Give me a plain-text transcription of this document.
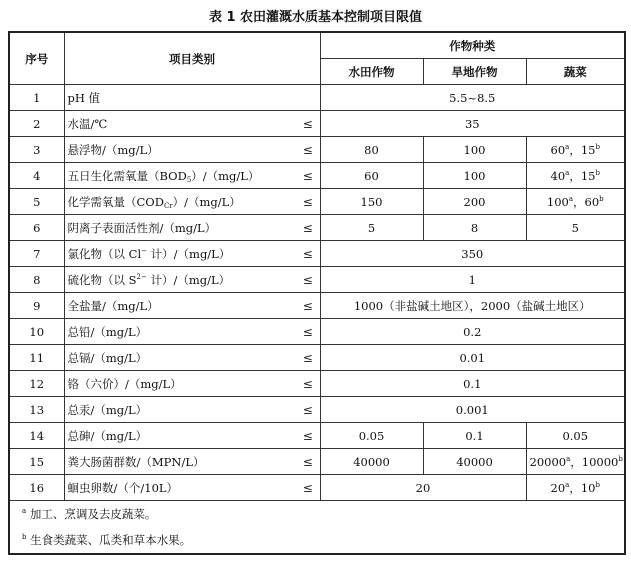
表 1 农田灌溉水质基本控制项目限值
序号	项目类别		作物种类		
			水田作物	旱地作物	蔬菜
1	pH 值		5.5~8.5		
2	水温/℃	≤	35		
3	悬浮物/（mg/L）	≤	80	100	60$^a$，15$^b$
4	五日生化需氧量$(BOD_5)/(mg/L)$	≤	60	100	40$^a$，15$^b$
5	化学需氧量$(COD_{Cr})/(mg/L)$	≤	150	200	100$^a$，60$^b$
6	阴离子表面活性剂/（mg/L）	≤	5	8	5
7	氯化物（以 Cl− 计）/（mg/L）	≤	350		
8	硫化物（以 $S^{2-}$ 计）/（mg/L）	≤	1		
9	全盐量/（mg/L）	≤	1000（非盐碱土地区），2000（盐碱土地区）		
10	总铅/（mg/L）	≤	0.2		
11	总镉/（mg/L）	≤	0.01		
12	铬（六价）/（mg/L）	≤	0.1		
13	总汞/（mg/L）	≤	0.001		
14	总砷/（mg/L）	≤	0.05	0.1	0.05
15	粪大肠菌群数/（MPN/L）	≤	40000	40000	20000$^a$，10000$^b$
16	蛔虫卵数/（个/10L）	≤	20		20$^a$，10$^b$
$^a$ 加工、烹调及去皮蔬菜。					
$^b$ 生食类蔬菜、瓜类和草本水果。					
